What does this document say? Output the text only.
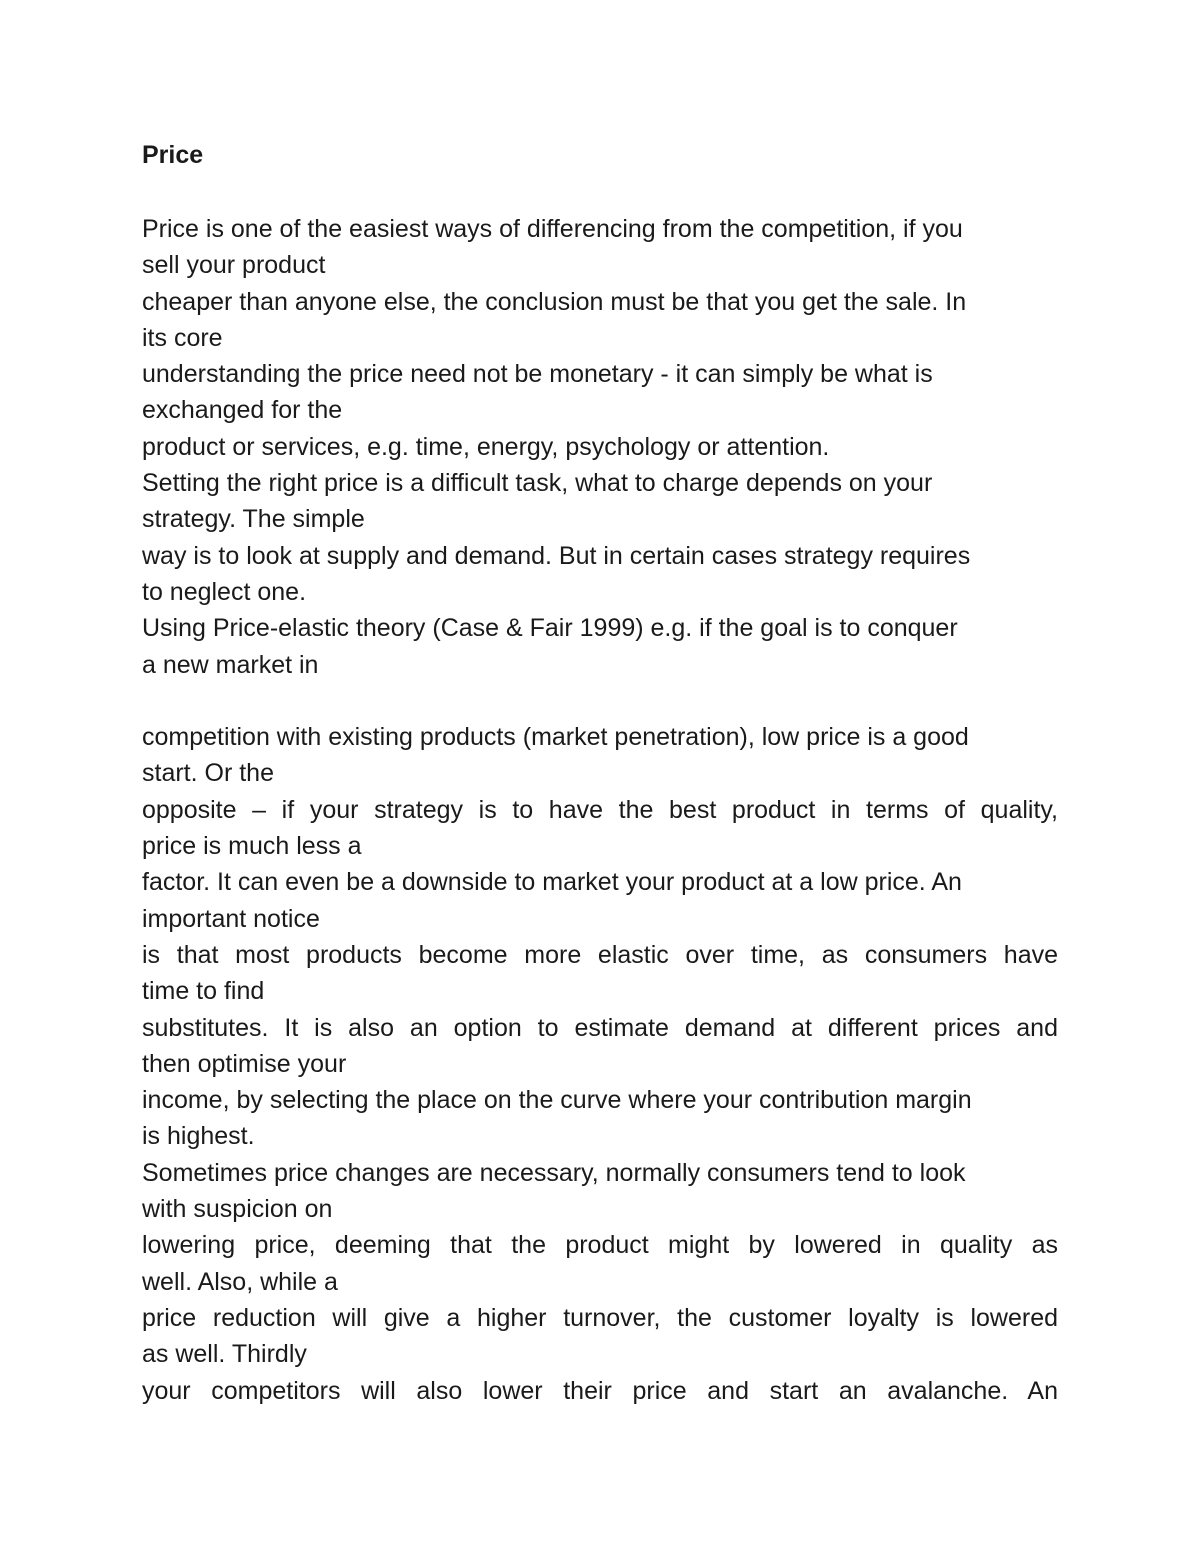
Price
Price is one of the easiest ways of differencing from the competition, if you
sell your product
cheaper than anyone else, the conclusion must be that you get the sale. In
its core
understanding the price need not be monetary - it can simply be what is
exchanged for the
product or services, e.g. time, energy, psychology or attention.
Setting the right price is a difficult task, what to charge depends on your
strategy. The simple
way is to look at supply and demand. But in certain cases strategy requires
to neglect one.
Using Price-elastic theory (Case & Fair 1999) e.g. if the goal is to conquer
a new market in
competition with existing products (market penetration), low price is a good
start. Or the
opposite – if your strategy is to have the best product in terms of quality,
price is much less a
factor. It can even be a downside to market your product at a low price. An
important notice
is that most products become more elastic over time, as consumers have
time to find
substitutes. It is also an option to estimate demand at different prices and
then optimise your
income, by selecting the place on the curve where your contribution margin
is highest.
Sometimes price changes are necessary, normally consumers tend to look
with suspicion on
lowering price, deeming that the product might by lowered in quality as
well. Also, while a
price reduction will give a higher turnover, the customer loyalty is lowered
as well. Thirdly
your competitors will also lower their price and start an avalanche. An
